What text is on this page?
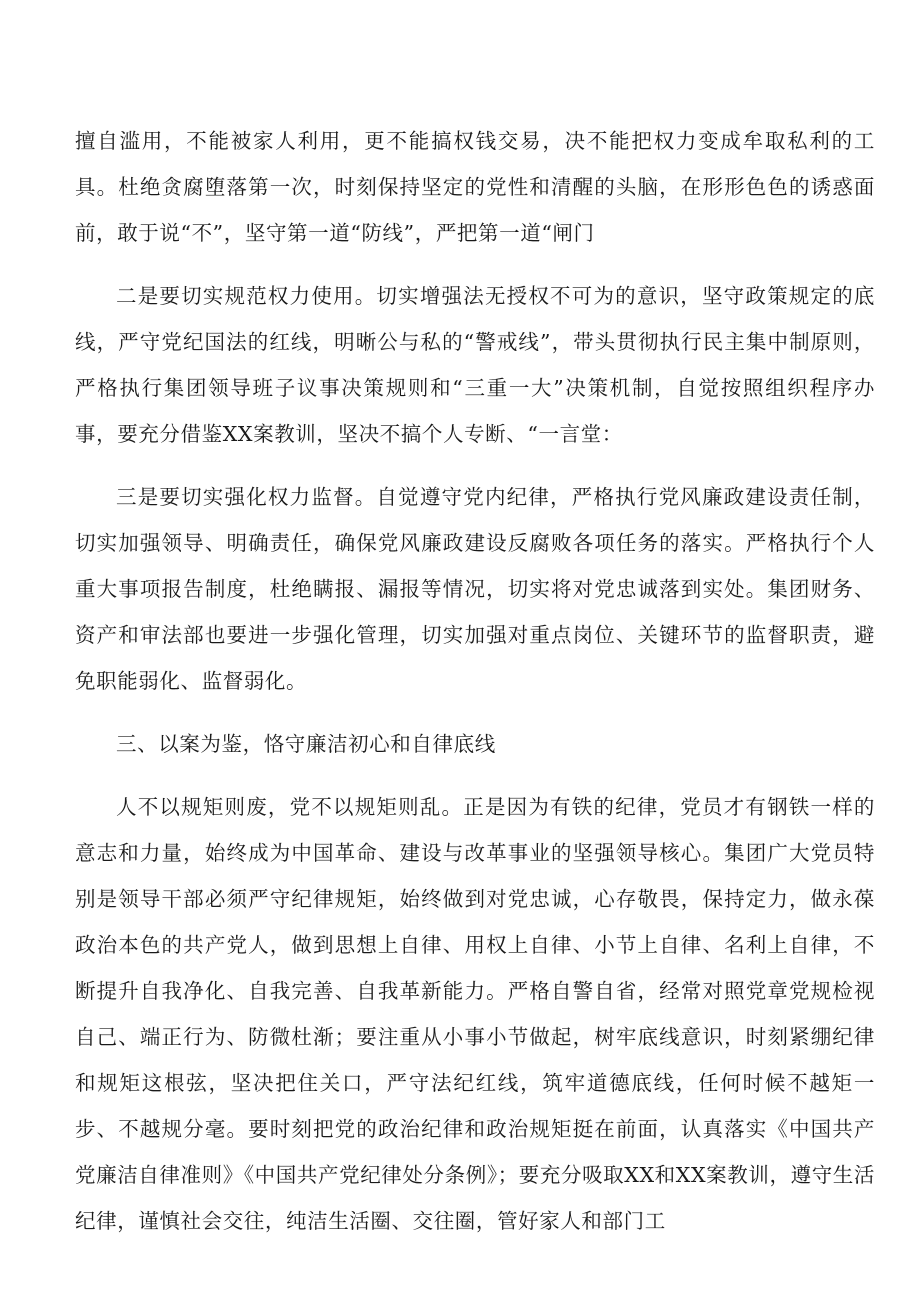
擅自滥用，不能被家人利用，更不能搞权钱交易，决不能把权力变成牟取私利的工具。杜绝贪腐堕落第一次，时刻保持坚定的党性和清醒的头脑，在形形色色的诱惑面前，敢于说“不”，坚守第一道“防线”，严把第一道“闸门

二是要切实规范权力使用。切实增强法无授权不可为的意识，坚守政策规定的底线，严守党纪国法的红线，明晰公与私的“警戒线”，带头贯彻执行民主集中制原则，严格执行集团领导班子议事决策规则和“三重一大”决策机制，自觉按照组织程序办事，要充分借鉴XX案教训，坚决不搞个人专断、“一言堂：

三是要切实强化权力监督。自觉遵守党内纪律，严格执行党风廉政建设责任制，切实加强领导、明确责任，确保党风廉政建设反腐败各项任务的落实。严格执行个人重大事项报告制度，杜绝瞒报、漏报等情况，切实将对党忠诚落到实处。集团财务、资产和审法部也要进一步强化管理，切实加强对重点岗位、关键环节的监督职责，避免职能弱化、监督弱化。

三、以案为鉴，恪守廉洁初心和自律底线

人不以规矩则废，党不以规矩则乱。正是因为有铁的纪律，党员才有钢铁一样的意志和力量，始终成为中国革命、建设与改革事业的坚强领导核心。集团广大党员特别是领导干部必须严守纪律规矩，始终做到对党忠诚，心存敬畏，保持定力，做永葆政治本色的共产党人，做到思想上自律、用权上自律、小节上自律、名利上自律，不断提升自我净化、自我完善、自我革新能力。严格自警自省，经常对照党章党规检视自己、端正行为、防微杜渐；要注重从小事小节做起，树牢底线意识，时刻紧绷纪律和规矩这根弦，坚决把住关口，严守法纪红线，筑牢道德底线，任何时候不越矩一步、不越规分毫。要时刻把党的政治纪律和政治规矩挺在前面，认真落实《中国共产党廉洁自律准则》《中国共产党纪律处分条例》；要充分吸取XX和XX案教训，遵守生活纪律，谨慎社会交往，纯洁生活圈、交往圈，管好家人和部门工
